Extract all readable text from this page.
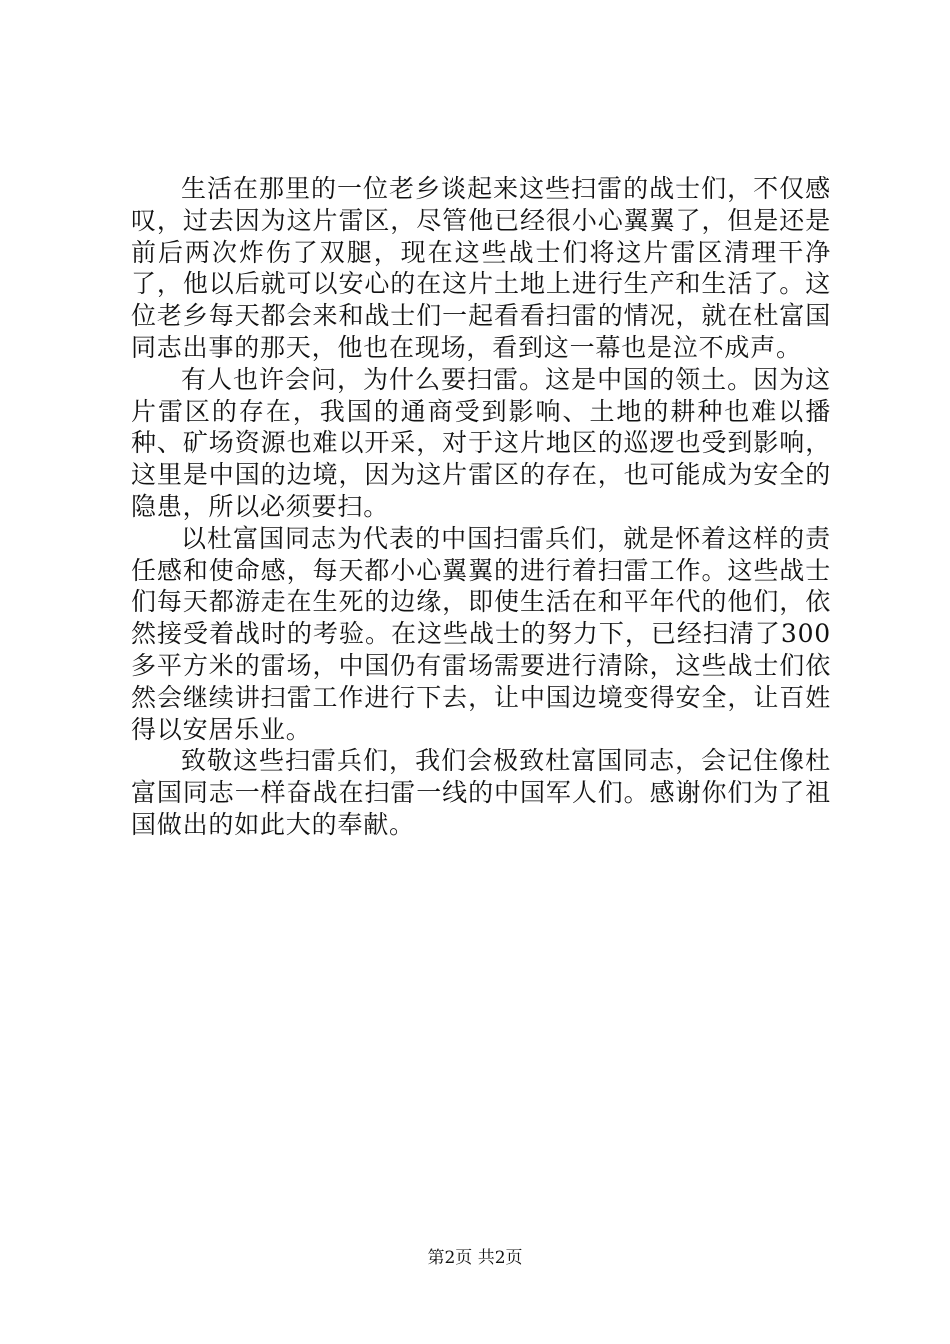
生活在那里的一位老乡谈起来这些扫雷的战士们，不仅感叹，过去因为这片雷区，尽管他已经很小心翼翼了，但是还是前后两次炸伤了双腿，现在这些战士们将这片雷区清理干净了，他以后就可以安心的在这片土地上进行生产和生活了。这位老乡每天都会来和战士们一起看看扫雷的情况，就在杜富国同志出事的那天，他也在现场，看到这一幕也是泣不成声。

有人也许会问，为什么要扫雷。这是中国的领土。因为这片雷区的存在，我国的通商受到影响、土地的耕种也难以播种、矿场资源也难以开采，对于这片地区的巡逻也受到影响，这里是中国的边境，因为这片雷区的存在，也可能成为安全的隐患，所以必须要扫。

以杜富国同志为代表的中国扫雷兵们，就是怀着这样的责任感和使命感，每天都小心翼翼的进行着扫雷工作。这些战士们每天都游走在生死的边缘，即使生活在和平年代的他们，依然接受着战时的考验。在这些战士的努力下，已经扫清了300多平方米的雷场，中国仍有雷场需要进行清除，这些战士们依然会继续讲扫雷工作进行下去，让中国边境变得安全，让百姓得以安居乐业。

致敬这些扫雷兵们，我们会极致杜富国同志，会记住像杜富国同志一样奋战在扫雷一线的中国军人们。感谢你们为了祖国做出的如此大的奉献。

第2页 共2页
